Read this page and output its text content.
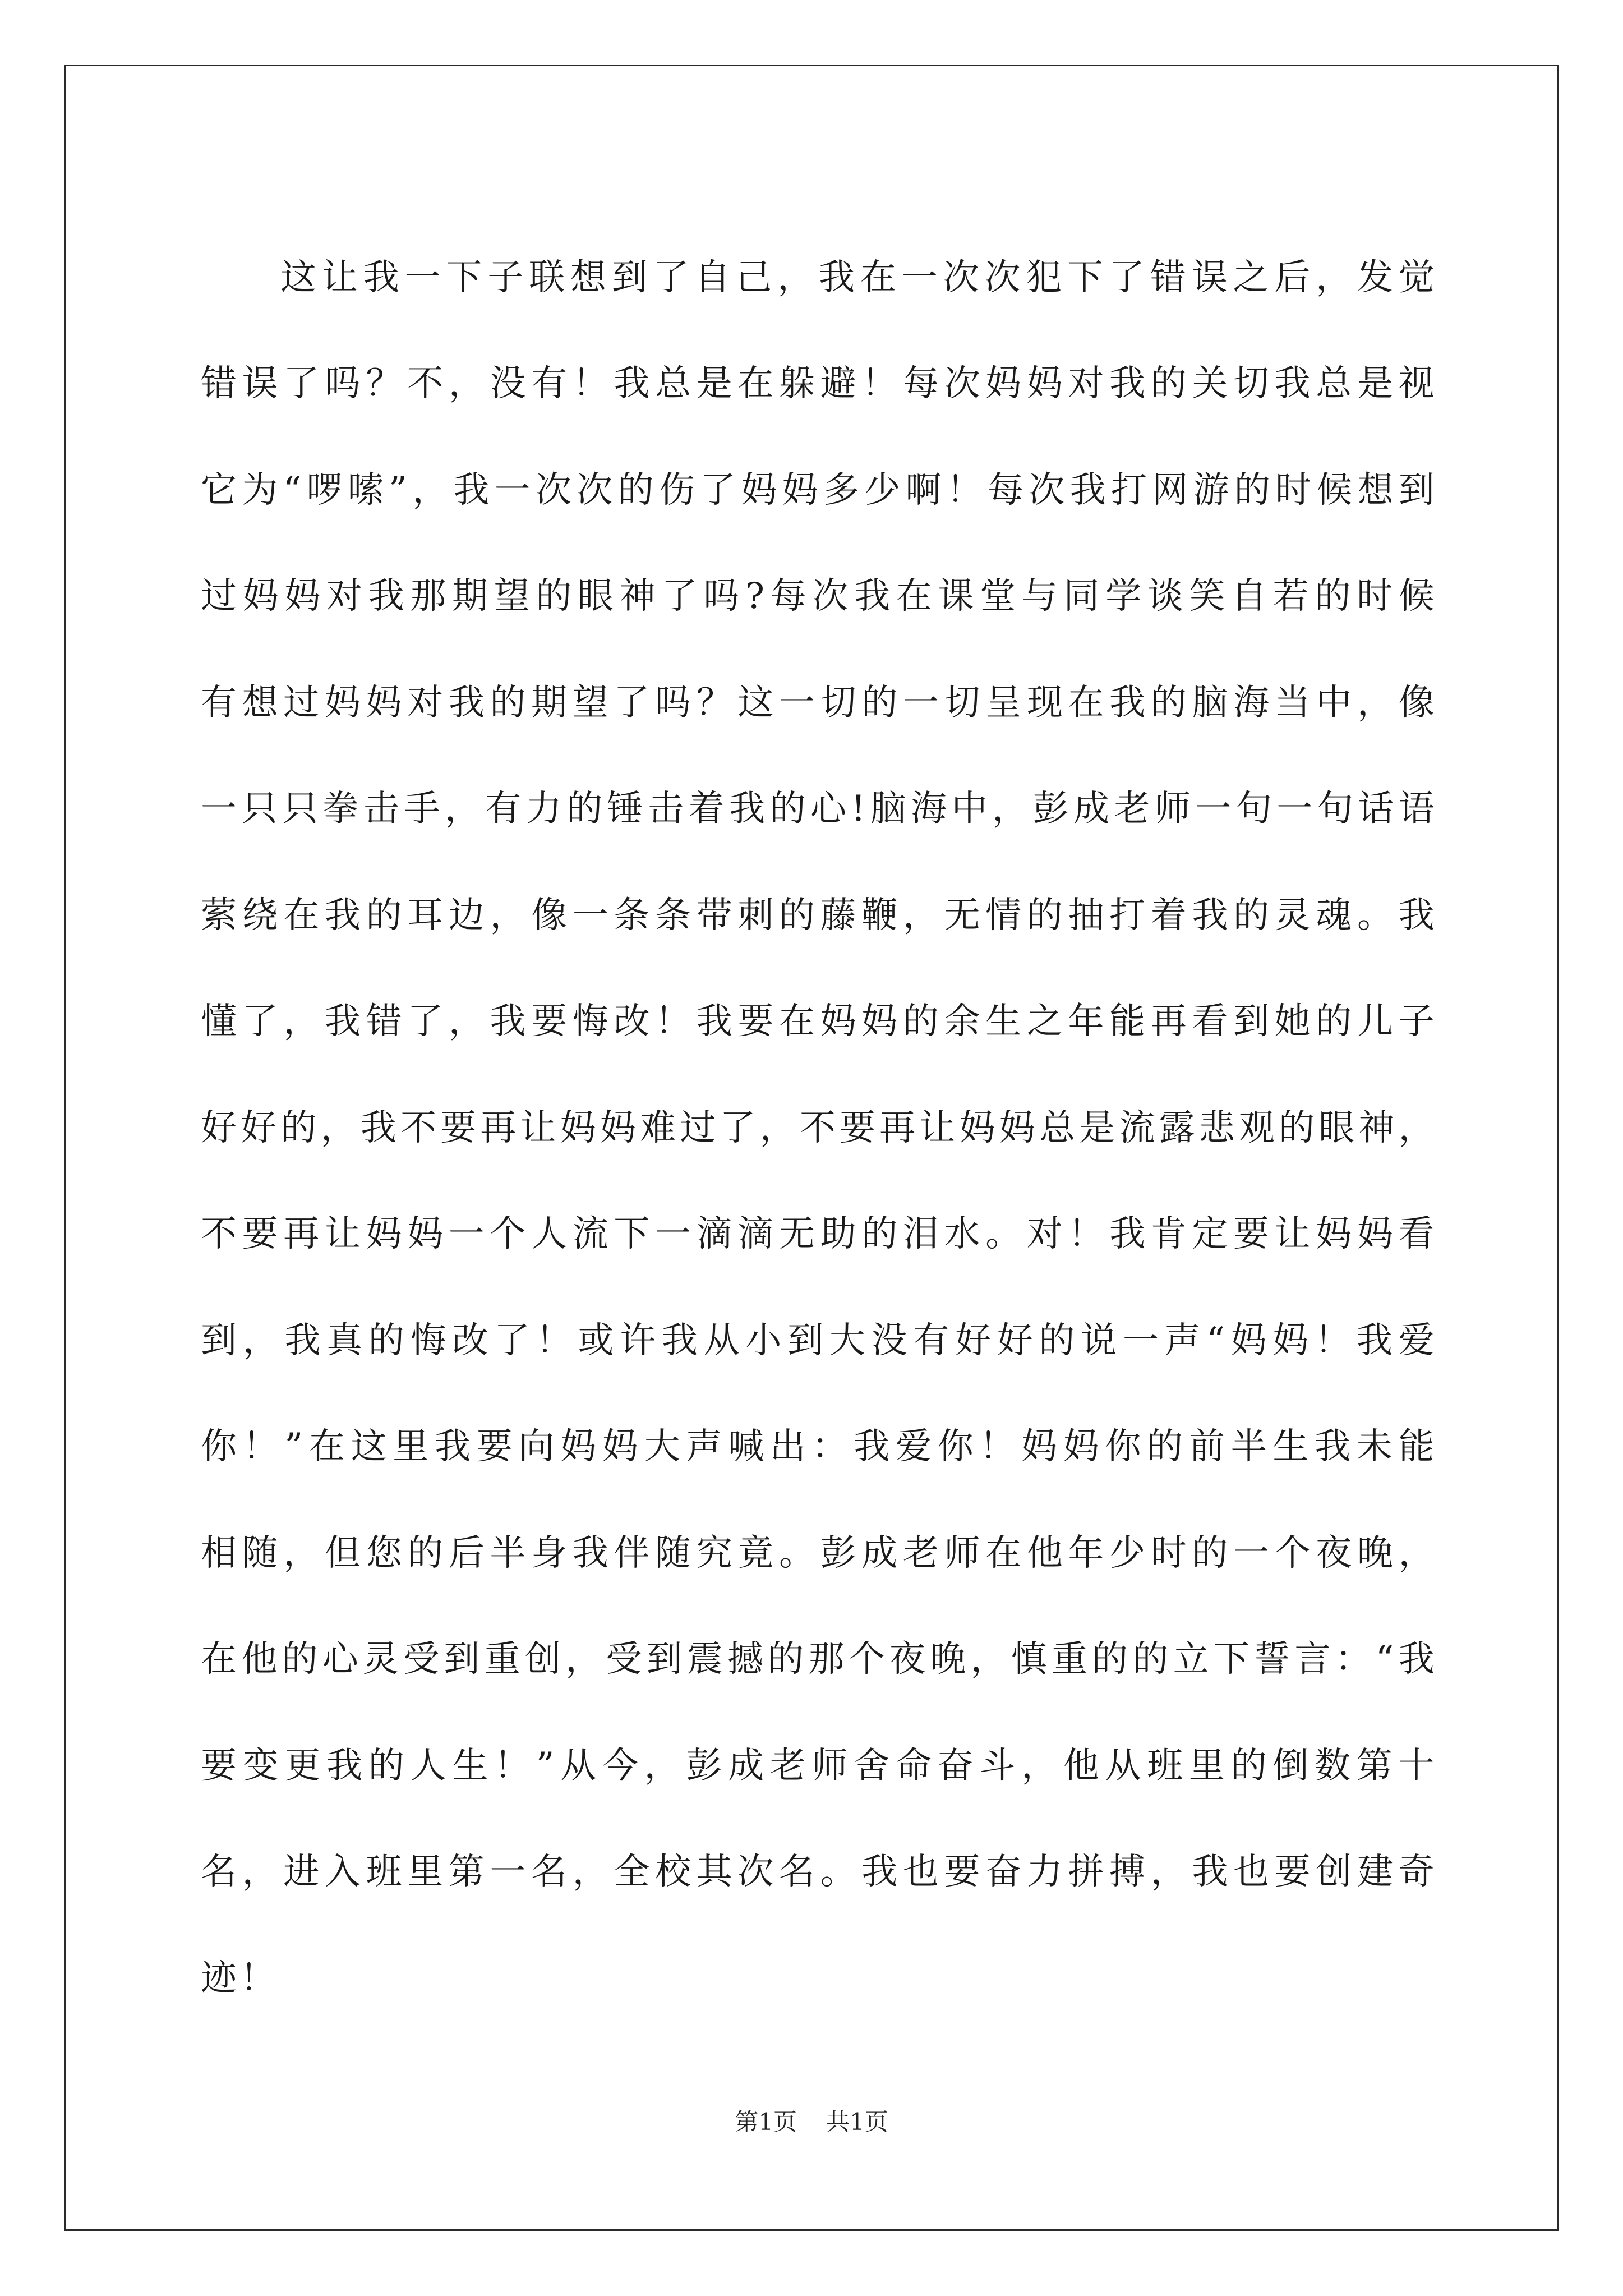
这 让 我 一 下 子 联 想 到 了 自 己 ， 我 在 一 次 次 犯 下 了 错 误 之 后 ， 发 觉
错 误 了 吗 ？ 不 ， 没 有 ！ 我 总 是 在 躲 避 ！ 每 次 妈 妈 对 我 的 关 切 我 总 是 视
它 为 “ 啰 嗦 ” ， 我 一 次 次 的 伤 了 妈 妈 多 少 啊 ！ 每 次 我 打 网 游 的 时 候 想 到
过 妈 妈 对 我 那 期 望 的 眼 神 了 吗 ? 每 次 我 在 课 堂 与 同 学 谈 笑 自 若 的 时 候
有 想 过 妈 妈 对 我 的 期 望 了 吗 ？ 这 一 切 的 一 切 呈 现 在 我 的 脑 海 当 中 ， 像
一 只 只 拳 击 手 ， 有 力 的 锤 击 着 我 的 心 ! 脑 海 中 ， 彭 成 老 师 一 句 一 句 话 语
萦 绕 在 我 的 耳 边 ， 像 一 条 条 带 刺 的 藤 鞭 ， 无 情 的 抽 打 着 我 的 灵 魂 。 我
懂 了 ， 我 错 了 ， 我 要 悔 改 ！ 我 要 在 妈 妈 的 余 生 之 年 能 再 看 到 她 的 儿 子
好 好 的 ， 我 不 要 再 让 妈 妈 难 过 了 ， 不 要 再 让 妈 妈 总 是 流 露 悲 观 的 眼 神 ，
不 要 再 让 妈 妈 一 个 人 流 下 一 滴 滴 无 助 的 泪 水 。 对 ！ 我 肯 定 要 让 妈 妈 看
到 ， 我 真 的 悔 改 了 ！ 或 许 我 从 小 到 大 没 有 好 好 的 说 一 声 “ 妈 妈 ！ 我 爱
你 ！ ” 在 这 里 我 要 向 妈 妈 大 声 喊 出 ： 我 爱 你 ！ 妈 妈 你 的 前 半 生 我 未 能
相 随 ， 但 您 的 后 半 身 我 伴 随 究 竟 。 彭 成 老 师 在 他 年 少 时 的 一 个 夜 晚 ，
在 他 的 心 灵 受 到 重 创 ， 受 到 震 撼 的 那 个 夜 晚 ， 慎 重 的 的 立 下 誓 言 ： “ 我
要 变 更 我 的 人 生 ！ ” 从 今 ， 彭 成 老 师 舍 命 奋 斗 ， 他 从 班 里 的 倒 数 第 十
名 ， 进 入 班 里 第 一 名 ， 全 校 其 次 名 。 我 也 要 奋 力 拼 搏 ， 我 也 要 创 建 奇
迹 ！
第1页 共1页
